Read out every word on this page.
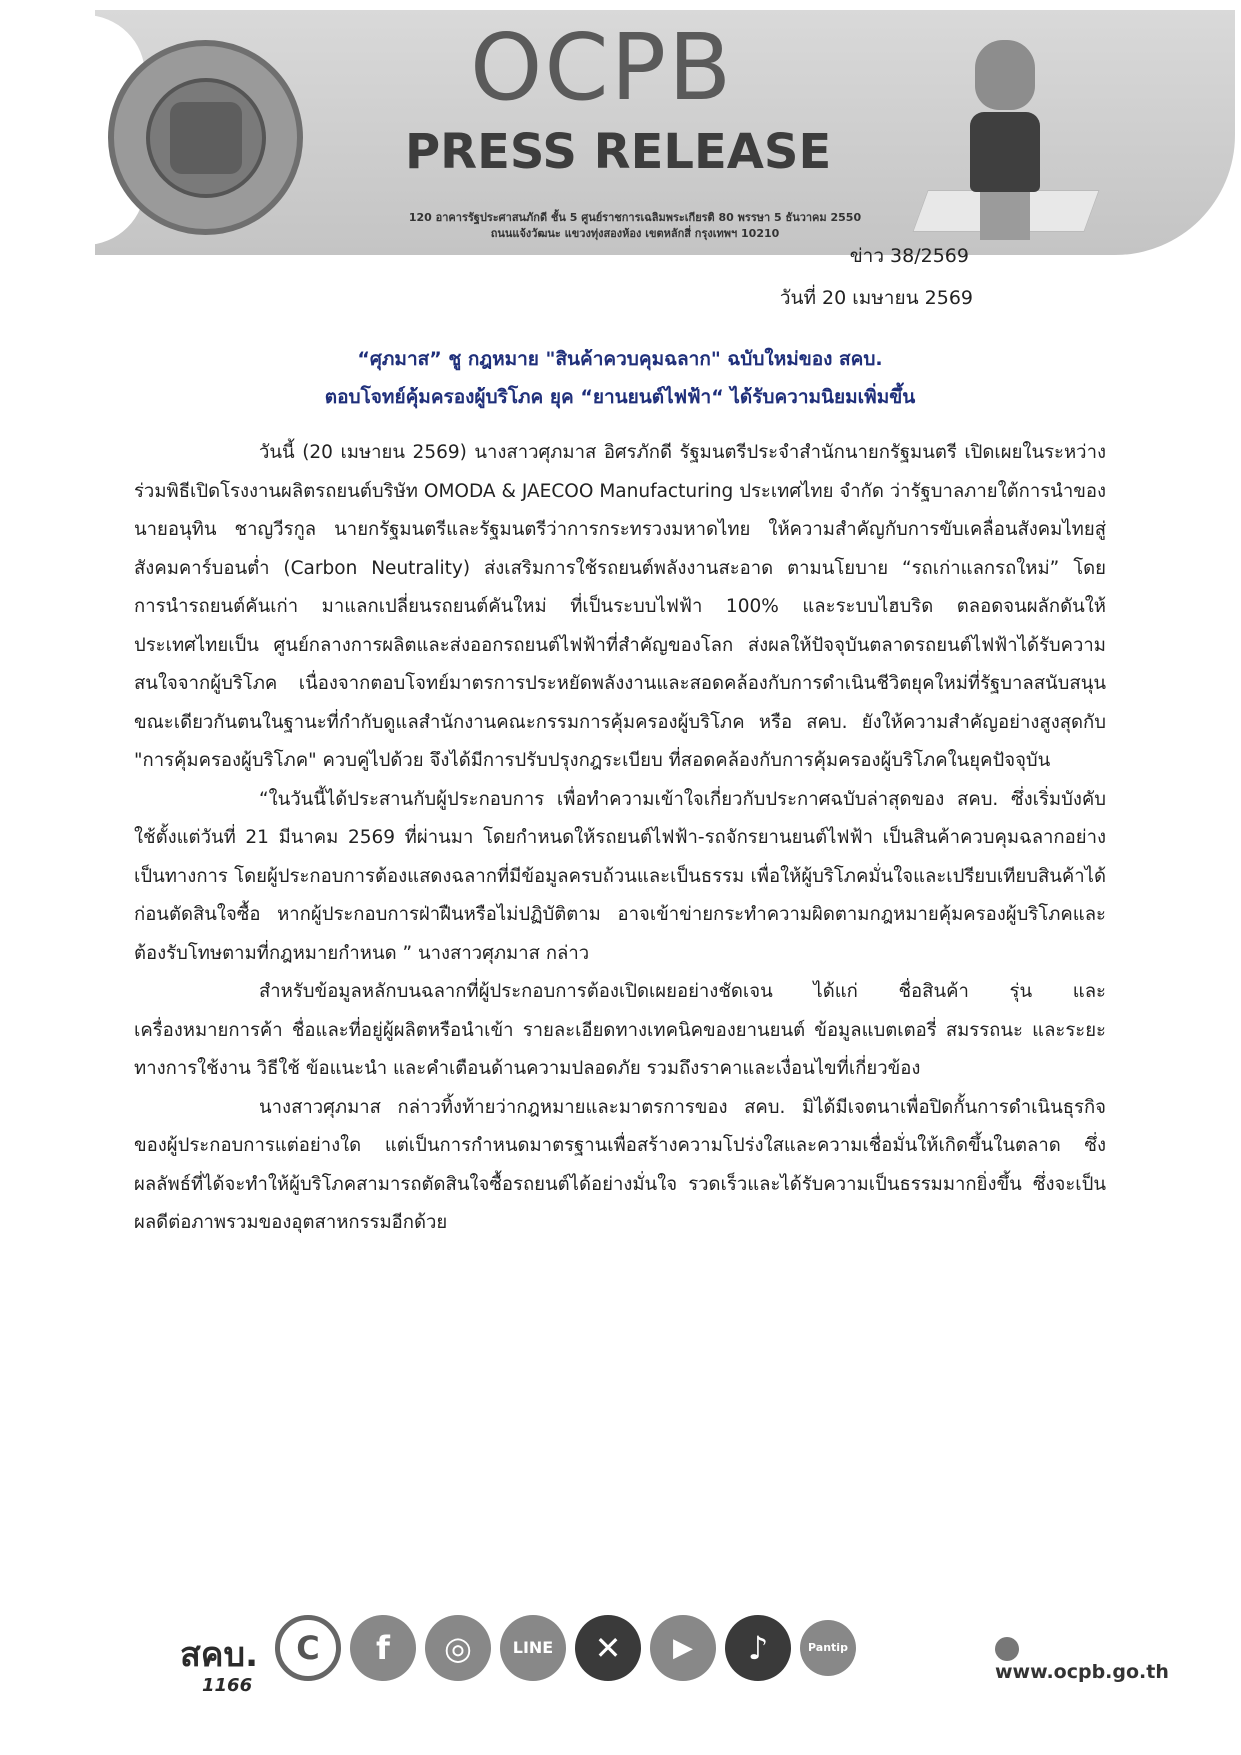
OCPB
PRESS RELEASE
120 อาคารรัฐประศาสนภักดี ชั้น 5 ศูนย์ราชการเฉลิมพระเกียรติ 80 พรรษา 5 ธันวาคม 2550
ถนนแจ้งวัฒนะ แขวงทุ่งสองห้อง เขตหลักสี่ กรุงเทพฯ 10210
ข่าว 38/2569
วันที่ 20 เมษายน 2569
“ศุภมาส” ชู กฎหมาย "สินค้าควบคุมฉลาก" ฉบับใหม่ของ สคบ.
ตอบโจทย์คุ้มครองผู้บริโภค ยุค “ยานยนต์ไฟฟ้า“ ได้รับความนิยมเพิ่มขึ้น

วันนี้ (20 เมษายน 2569) นางสาวศุภมาส อิศรภักดี รัฐมนตรีประจำสำนักนายกรัฐมนตรี เปิดเผยในระหว่างร่วมพิธีเปิดโรงงานผลิตรถยนต์บริษัท OMODA & JAECOO Manufacturing ประเทศไทย จำกัด ว่ารัฐบาลภายใต้การนำของ นายอนุทิน ชาญวีรกูล นายกรัฐมนตรีและรัฐมนตรีว่าการกระทรวงมหาดไทย ให้ความสำคัญกับการขับเคลื่อนสังคมไทยสู่สังคมคาร์บอนต่ำ (Carbon Neutrality) ส่งเสริมการใช้รถยนต์พลังงานสะอาด ตามนโยบาย “รถเก่าแลกรถใหม่” โดยการนำรถยนต์คันเก่า มาแลกเปลี่ยนรถยนต์คันใหม่ ที่เป็นระบบไฟฟ้า 100% และระบบไฮบริด ตลอดจนผลักดันให้ประเทศไทยเป็น ศูนย์กลางการผลิตและส่งออกรถยนต์ไฟฟ้าที่สำคัญของโลก ส่งผลให้ปัจจุบันตลาดรถยนต์ไฟฟ้าได้รับความสนใจจากผู้บริโภค เนื่องจากตอบโจทย์มาตรการประหยัดพลังงานและสอดคล้องกับการดำเนินชีวิตยุคใหม่ที่รัฐบาลสนับสนุน ขณะเดียวกันตนในฐานะที่กำกับดูแลสำนักงานคณะกรรมการคุ้มครองผู้บริโภค หรือ สคบ. ยังให้ความสำคัญอย่างสูงสุดกับ "การคุ้มครองผู้บริโภค" ควบคู่ไปด้วย จึงได้มีการปรับปรุงกฎระเบียบ ที่สอดคล้องกับการคุ้มครองผู้บริโภคในยุคปัจจุบัน

“ในวันนี้ได้ประสานกับผู้ประกอบการ เพื่อทำความเข้าใจเกี่ยวกับประกาศฉบับล่าสุดของ สคบ. ซึ่งเริ่มบังคับใช้ตั้งแต่วันที่ 21 มีนาคม 2569 ที่ผ่านมา โดยกำหนดให้รถยนต์ไฟฟ้า-รถจักรยานยนต์ไฟฟ้า เป็นสินค้าควบคุมฉลากอย่างเป็นทางการ โดยผู้ประกอบการต้องแสดงฉลากที่มีข้อมูลครบถ้วนและเป็นธรรม เพื่อให้ผู้บริโภคมั่นใจและเปรียบเทียบสินค้าได้ก่อนตัดสินใจซื้อ หากผู้ประกอบการฝ่าฝืนหรือไม่ปฏิบัติตาม อาจเข้าข่ายกระทำความผิดตามกฎหมายคุ้มครองผู้บริโภคและต้องรับโทษตามที่กฎหมายกำหนด ” นางสาวศุภมาส กล่าว

สำหรับข้อมูลหลักบนฉลากที่ผู้ประกอบการต้องเปิดเผยอย่างชัดเจน ได้แก่ ชื่อสินค้า รุ่น และเครื่องหมายการค้า ชื่อและที่อยู่ผู้ผลิตหรือนำเข้า รายละเอียดทางเทคนิคของยานยนต์ ข้อมูลแบตเตอรี่ สมรรถนะ และระยะทางการใช้งาน วิธีใช้ ข้อแนะนำ และคำเตือนด้านความปลอดภัย รวมถึงราคาและเงื่อนไขที่เกี่ยวข้อง

นางสาวศุภมาส กล่าวทิ้งท้ายว่ากฎหมายและมาตรการของ สคบ. มิได้มีเจตนาเพื่อปิดกั้นการดำเนินธุรกิจของผู้ประกอบการแต่อย่างใด แต่เป็นการกำหนดมาตรฐานเพื่อสร้างความโปร่งใสและความเชื่อมั่นให้เกิดขึ้นในตลาด ซึ่งผลลัพธ์ที่ได้จะทำให้ผู้บริโภคสามารถตัดสินใจซื้อรถยนต์ได้อย่างมั่นใจ รวดเร็วและได้รับความเป็นธรรมมากยิ่งขึ้น ซึ่งจะเป็นผลดีต่อภาพรวมของอุตสาหกรรมอีกด้วย

สคบ.
1166
C	f	◎	LINE	✕	▶	♪	Pantip
www.ocpb.go.th
